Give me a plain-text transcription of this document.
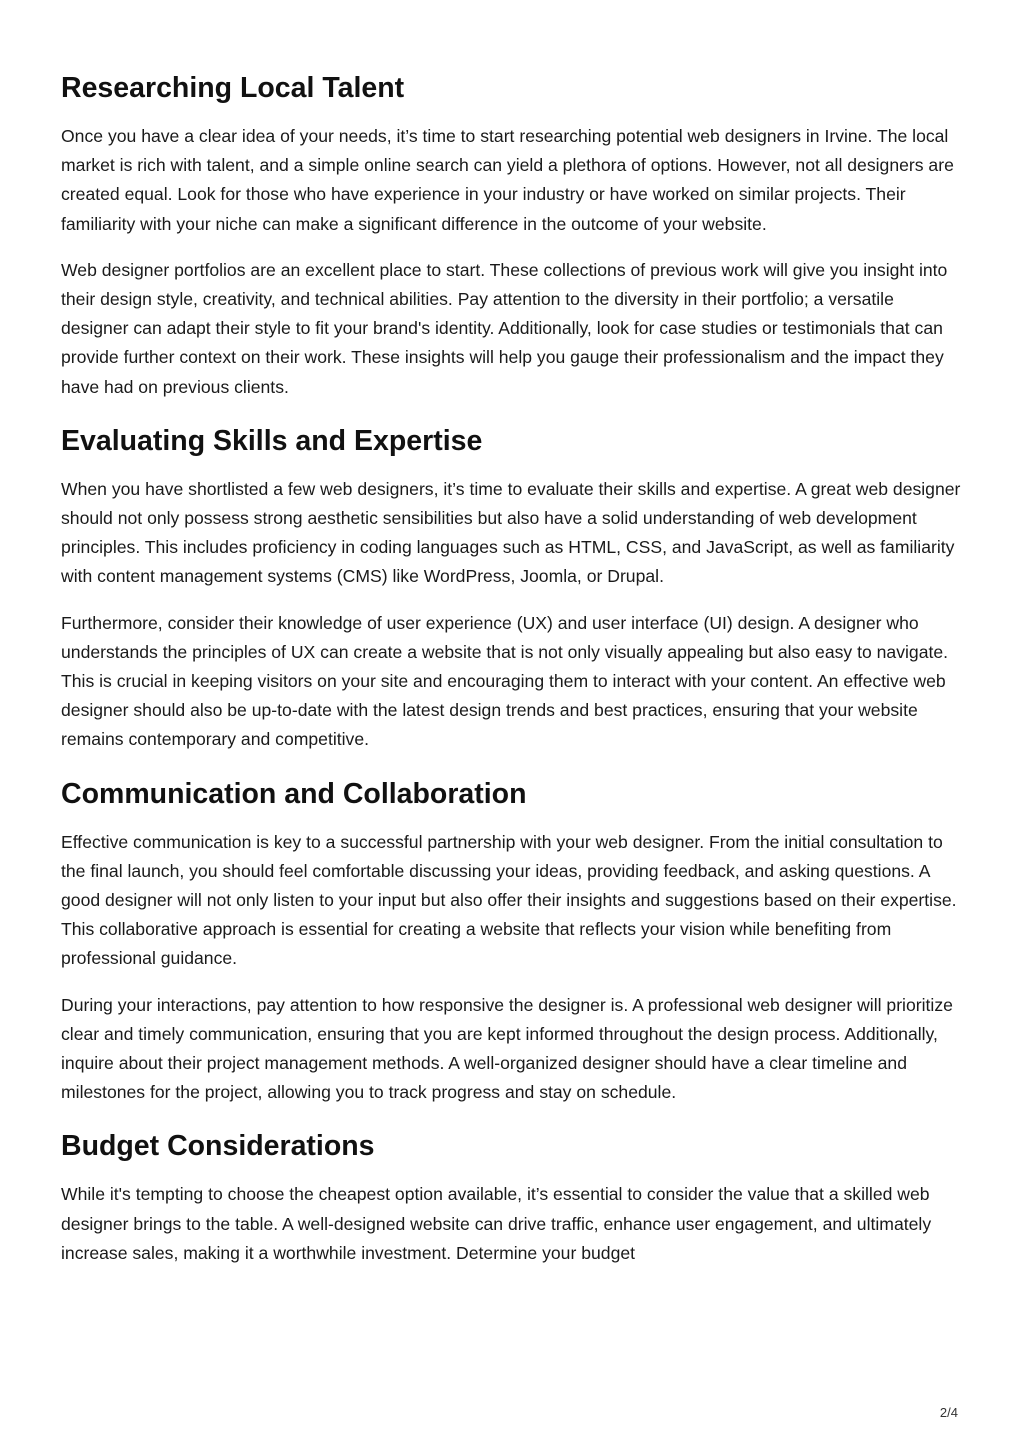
Researching Local Talent

Once you have a clear idea of your needs, it’s time to start researching potential web designers in Irvine. The local market is rich with talent, and a simple online search can yield a plethora of options. However, not all designers are created equal. Look for those who have experience in your industry or have worked on similar projects. Their familiarity with your niche can make a significant difference in the outcome of your website.

Web designer portfolios are an excellent place to start. These collections of previous work will give you insight into their design style, creativity, and technical abilities. Pay attention to the diversity in their portfolio; a versatile designer can adapt their style to fit your brand's identity. Additionally, look for case studies or testimonials that can provide further context on their work. These insights will help you gauge their professionalism and the impact they have had on previous clients.

Evaluating Skills and Expertise

When you have shortlisted a few web designers, it’s time to evaluate their skills and expertise. A great web designer should not only possess strong aesthetic sensibilities but also have a solid understanding of web development principles. This includes proficiency in coding languages such as HTML, CSS, and JavaScript, as well as familiarity with content management systems (CMS) like WordPress, Joomla, or Drupal.

Furthermore, consider their knowledge of user experience (UX) and user interface (UI) design. A designer who understands the principles of UX can create a website that is not only visually appealing but also easy to navigate. This is crucial in keeping visitors on your site and encouraging them to interact with your content. An effective web designer should also be up-to-date with the latest design trends and best practices, ensuring that your website remains contemporary and competitive.

Communication and Collaboration

Effective communication is key to a successful partnership with your web designer. From the initial consultation to the final launch, you should feel comfortable discussing your ideas, providing feedback, and asking questions. A good designer will not only listen to your input but also offer their insights and suggestions based on their expertise. This collaborative approach is essential for creating a website that reflects your vision while benefiting from professional guidance.

During your interactions, pay attention to how responsive the designer is. A professional web designer will prioritize clear and timely communication, ensuring that you are kept informed throughout the design process. Additionally, inquire about their project management methods. A well-organized designer should have a clear timeline and milestones for the project, allowing you to track progress and stay on schedule.

Budget Considerations

While it's tempting to choose the cheapest option available, it’s essential to consider the value that a skilled web designer brings to the table. A well-designed website can drive traffic, enhance user engagement, and ultimately increase sales, making it a worthwhile investment. Determine your budget

2/4
